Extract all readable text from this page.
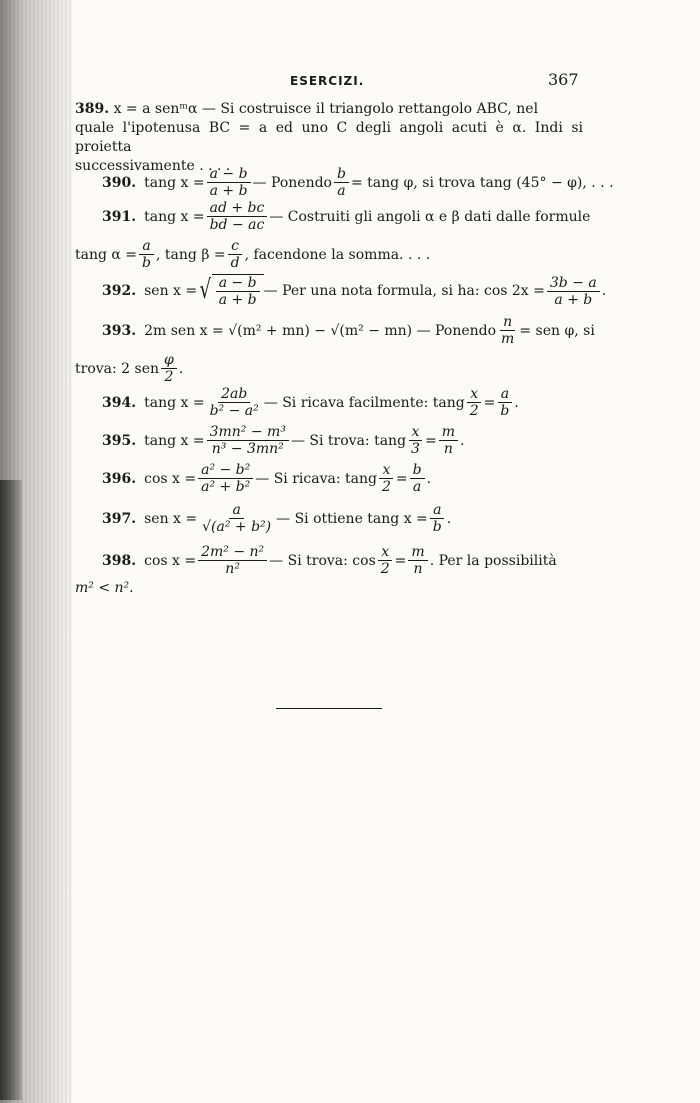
ESERCIZI.	367
389. x = a senᵐα — Si costruisce il triangolo rettangolo ABC, nel
quale l'ipotenusa BC = a ed uno C degli angoli acuti è α. Indi si proietta
successivamente . . . .
390. tang $x = \frac{a - b}{a + b}$ — Ponendo $\frac{b}{a} = \tan g$ φ, si trova tang (45° − φ), . . .
391. tang $x = \frac{ad + bc}{bd - ac}$ — Costruiti gli angoli α e β dati dalle formule
tang $\alpha = \frac{a}{b}$ , tang $\beta = \frac{c}{d}$ , facendone la somma. . . .
392. sen x = √ $\frac{a - b}{a + b}$ — Per una nota formula, si ha: $\cos 2x = \frac{3b - a}{a + b}$ .
393. 2m sen x = √(m² + mn) − √(m² − mn) — Ponendo $\frac{n}{m}$ = sen φ, si
trova: 2 sen $\frac{\varphi}{2}$ .
394. tang $x = \frac{2ab}{\text{b² − a²}}$ — Si ricava facilmente: tang $\frac{x}{2} = \frac{a}{b}$ .
395. tang $x = \frac{\text{3mn² − m³}}{\text{n³ − 3mn²}}$ — Si trova: tang $\frac{x}{3} = \frac{m}{n}$ .
396. $\cos x = \frac{\text{a² − b²}}{\text{a² + b²}}$ — Si ricava: tang $\frac{x}{2} = \frac{b}{a}$ .
397. sen $x = \frac{a}{\text{√(a² + b²)}}$ — Si ottiene tang $x = \frac{a}{b}$ .
398. $\cos x = \frac{\text{2m² − n²}}{\text{n²}}$ — Si trova: $\cos \frac{x}{2} = \frac{m}{n}$ . Per la possibilità
m² < n².
